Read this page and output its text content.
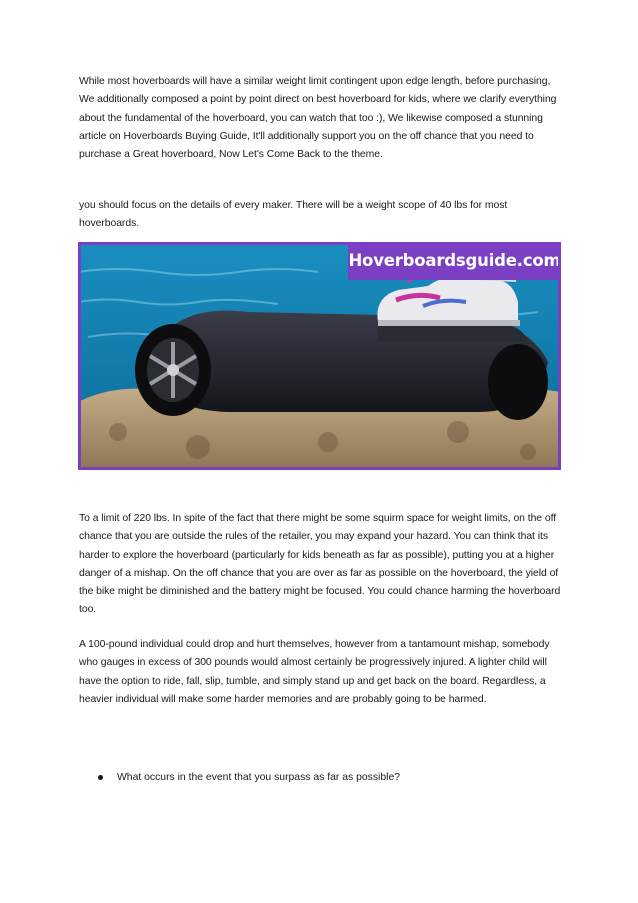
While most hoverboards will have a similar weight limit contingent upon edge length, before purchasing, We additionally composed a point by point direct on best hoverboard for kids, where we clarify everything about the fundamental of the hoverboard, you can watch that too :), We likewise composed a stunning article on Hoverboards Buying Guide, It'll additionally support you on the off chance that you need to purchase a Great hoverboard, Now Let's Come Back to the theme.

you should focus on the details of every maker. There will be a weight scope of 40 lbs for most hoverboards.

Hoverboardsguide.com

To a limit of 220 lbs. In spite of the fact that there might be some squirm space for weight limits, on the off chance that you are outside the rules of the retailer, you may expand your hazard. You can think that its harder to explore the hoverboard (particularly for kids beneath as far as possible), putting you at a higher danger of a mishap. On the off chance that you are over as far as possible on the hoverboard, the yield of the bike might be diminished and the battery might be focused. You could chance harming the hoverboard too.

A 100-pound individual could drop and hurt themselves, however from a tantamount mishap, somebody who gauges in excess of 300 pounds would almost certainly be progressively injured. A lighter child will have the option to ride, fall, slip, tumble, and simply stand up and get back on the board. Regardless, a heavier individual will make some harder memories and are probably going to be harmed.

What occurs in the event that you surpass as far as possible?
